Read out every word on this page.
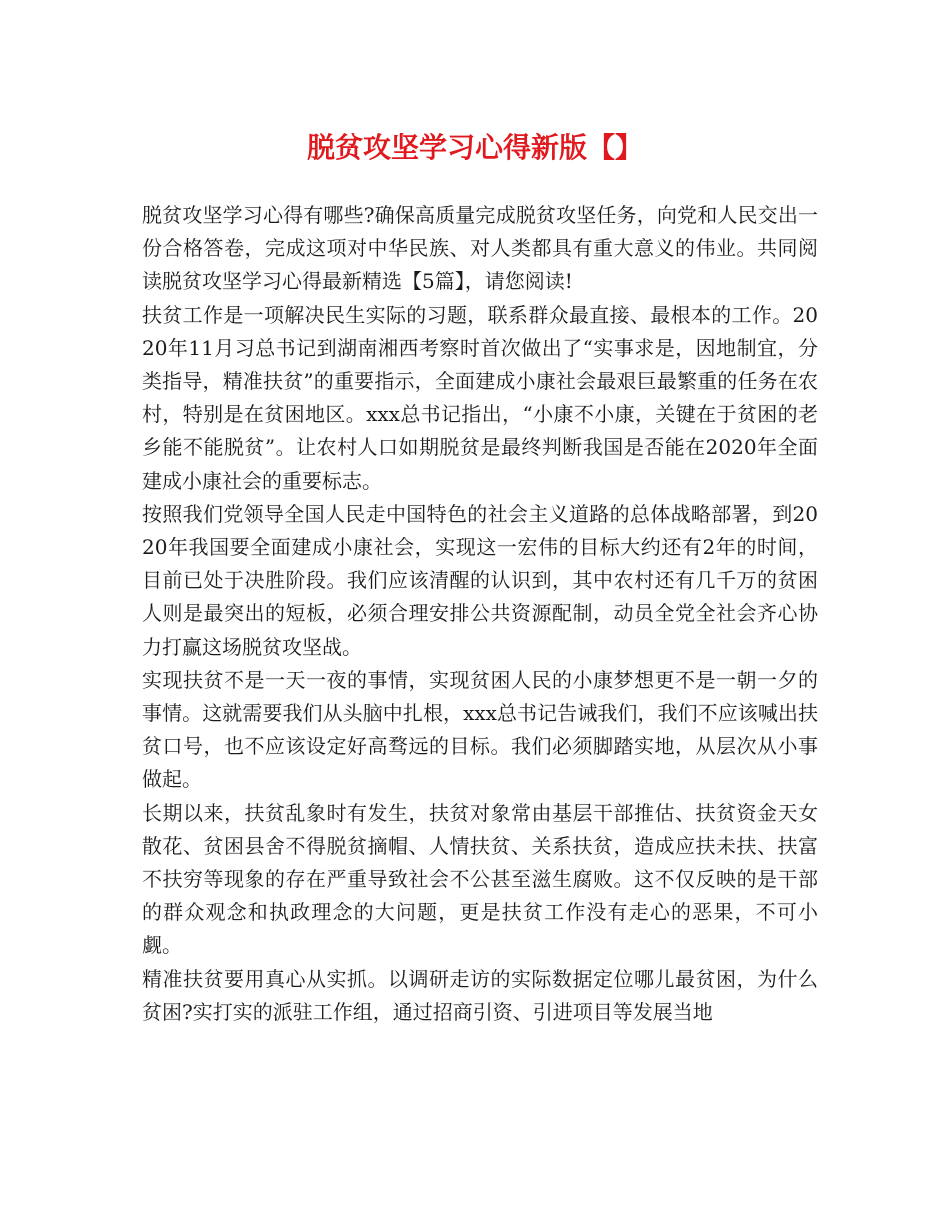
脱贫攻坚学习心得新版【】

脱贫攻坚学习心得有哪些?确保高质量完成脱贫攻坚任务，向党和人民交出一份合格答卷，完成这项对中华民族、对人类都具有重大意义的伟业。共同阅读脱贫攻坚学习心得最新精选【5篇】，请您阅读!

扶贫工作是一项解决民生实际的习题，联系群众最直接、最根本的工作。2020年11月习总书记到湖南湘西考察时首次做出了“实事求是，因地制宜，分类指导，精准扶贫”的重要指示，全面建成小康社会最艰巨最繁重的任务在农村，特别是在贫困地区。xxx总书记指出，“小康不小康，关键在于贫困的老乡能不能脱贫”。让农村人口如期脱贫是最终判断我国是否能在2020年全面建成小康社会的重要标志。

按照我们党领导全国人民走中国特色的社会主义道路的总体战略部署，到2020年我国要全面建成小康社会，实现这一宏伟的目标大约还有2年的时间，目前已处于决胜阶段。我们应该清醒的认识到，其中农村还有几千万的贫困人则是最突出的短板，必须合理安排公共资源配制，动员全党全社会齐心协力打赢这场脱贫攻坚战。

实现扶贫不是一天一夜的事情，实现贫困人民的小康梦想更不是一朝一夕的事情。这就需要我们从头脑中扎根，xxx总书记告诫我们，我们不应该喊出扶贫口号，也不应该设定好高骛远的目标。我们必须脚踏实地，从层次从小事做起。

长期以来，扶贫乱象时有发生，扶贫对象常由基层干部推估、扶贫资金天女散花、贫困县舍不得脱贫摘帽、人情扶贫、关系扶贫，造成应扶未扶、扶富不扶穷等现象的存在严重导致社会不公甚至滋生腐败。这不仅反映的是干部的群众观念和执政理念的大问题，更是扶贫工作没有走心的恶果，不可小觑。

精准扶贫要用真心从实抓。以调研走访的实际数据定位哪儿最贫困，为什么贫困?实打实的派驻工作组，通过招商引资、引进项目等发展当地
